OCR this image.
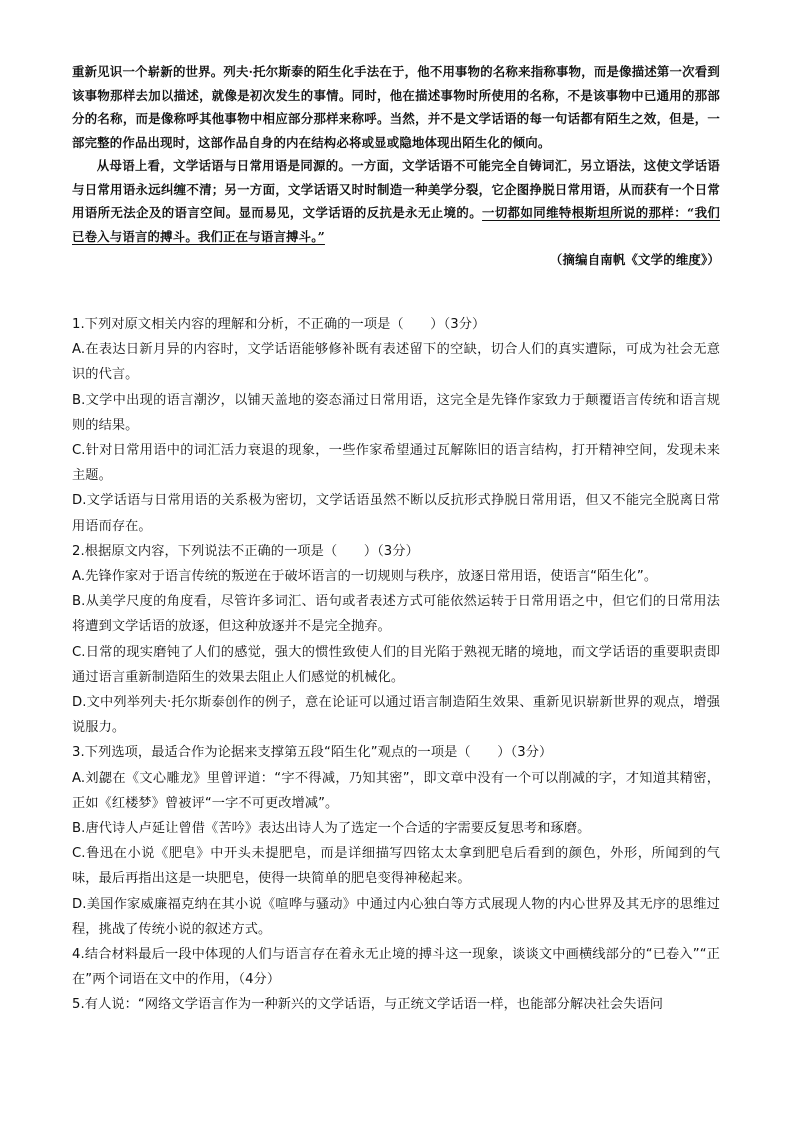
重新见识一个崭新的世界。列夫·托尔斯泰的陌生化手法在于，他不用事物的名称来指称事物，而是像描述第一次看到该事物那样去加以描述，就像是初次发生的事情。同时，他在描述事物时所使用的名称，不是该事物中已通用的那部分的名称，而是像称呼其他事物中相应部分那样来称呼。当然，并不是文学话语的每一句话都有陌生之效，但是，一部完整的作品出现时，这部作品自身的内在结构必将或显或隐地体现出陌生化的倾向。

从母语上看，文学话语与日常用语是同源的。一方面，文学话语不可能完全自铸词汇，另立语法，这使文学话语与日常用语永远纠缠不清；另一方面，文学话语又时时制造一种美学分裂，它企图挣脱日常用语，从而获有一个日常用语所无法企及的语言空间。显而易见，文学话语的反抗是永无止境的。一切都如同维特根斯坦所说的那样：“我们已卷入与语言的搏斗。我们正在与语言搏斗。”

（摘编自南帆《文学的维度》）

1.下列对原文相关内容的理解和分析，不正确的一项是（　　）（3分）

A.在表达日新月异的内容时，文学话语能够修补既有表述留下的空缺，切合人们的真实遭际，可成为社会无意识的代言。

B.文学中出现的语言潮汐，以铺天盖地的姿态涌过日常用语，这完全是先锋作家致力于颠覆语言传统和语言规则的结果。

C.针对日常用语中的词汇活力衰退的现象，一些作家希望通过瓦解陈旧的语言结构，打开精神空间，发现未来主题。

D.文学话语与日常用语的关系极为密切，文学话语虽然不断以反抗形式挣脱日常用语，但又不能完全脱离日常用语而存在。

2.根据原文内容，下列说法不正确的一项是（　　）（3分）

A.先锋作家对于语言传统的叛逆在于破坏语言的一切规则与秩序，放逐日常用语，使语言“陌生化”。

B.从美学尺度的角度看，尽管许多词汇、语句或者表述方式可能依然运转于日常用语之中，但它们的日常用法将遭到文学话语的放逐，但这种放逐并不是完全抛弃。

C.日常的现实磨钝了人们的感觉，强大的惯性致使人们的目光陷于熟视无睹的境地，而文学话语的重要职责即通过语言重新制造陌生的效果去阻止人们感觉的机械化。

D.文中列举列夫·托尔斯泰创作的例子，意在论证可以通过语言制造陌生效果、重新见识崭新世界的观点，增强说服力。

3.下列选项，最适合作为论据来支撑第五段“陌生化”观点的一项是（　　）（3分）

A.刘勰在《文心雕龙》里曾评道：“字不得减，乃知其密”，即文章中没有一个可以削减的字，才知道其精密，正如《红楼梦》曾被评“一字不可更改增减”。

B.唐代诗人卢延让曾借《苦吟》表达出诗人为了选定一个合适的字需要反复思考和琢磨。

C.鲁迅在小说《肥皂》中开头未提肥皂，而是详细描写四铭太太拿到肥皂后看到的颜色，外形，所闻到的气味，最后再指出这是一块肥皂，使得一块简单的肥皂变得神秘起来。

D.美国作家威廉福克纳在其小说《喧哗与骚动》中通过内心独白等方式展现人物的内心世界及其无序的思维过程，挑战了传统小说的叙述方式。

4.结合材料最后一段中体现的人们与语言存在着永无止境的搏斗这一现象，谈谈文中画横线部分的“已卷入”“正在”两个词语在文中的作用，（4分）

5.有人说：“网络文学语言作为一种新兴的文学话语，与正统文学话语一样，也能部分解决社会失语问
